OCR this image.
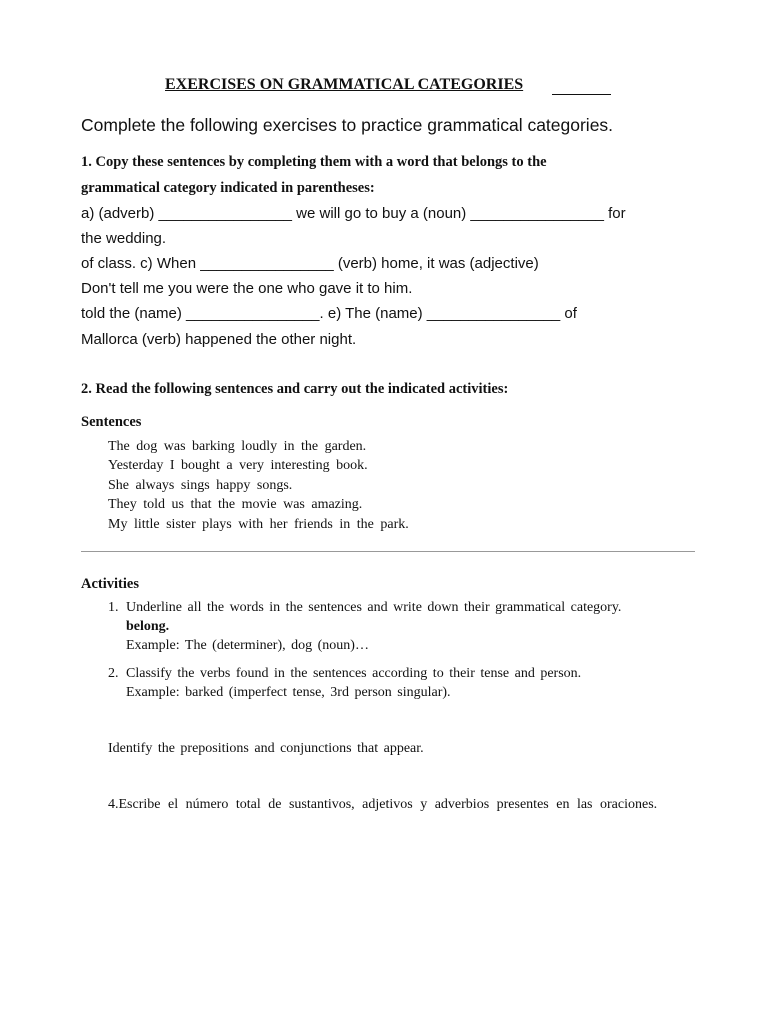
EXERCISES ON GRAMMATICAL CATEGORIES
Complete the following exercises to practice grammatical categories.
1. Copy these sentences by completing them with a word that belongs to the
grammatical category indicated in parentheses:
a) (adverb) ________________ we will go to buy a (noun) ________________ for
the wedding.
of class. c) When ________________ (verb) home, it was (adjective)
Don't tell me you were the one who gave it to him.
told the (name) ________________. e) The (name) ________________ of
Mallorca (verb) happened the other night.
2. Read the following sentences and carry out the indicated activities:
Sentences
The dog was barking loudly in the garden.
Yesterday I bought a very interesting book.
She always sings happy songs.
They told us that the movie was amazing.
My little sister plays with her friends in the park.
Activities
1. Underline all the words in the sentences and write down their grammatical category.
belong.
Example: The (determiner), dog (noun)…
2. Classify the verbs found in the sentences according to their tense and person.
Example: barked (imperfect tense, 3rd person singular).
Identify the prepositions and conjunctions that appear.
4.Escribe el número total de sustantivos, adjetivos y adverbios presentes en las oraciones.
